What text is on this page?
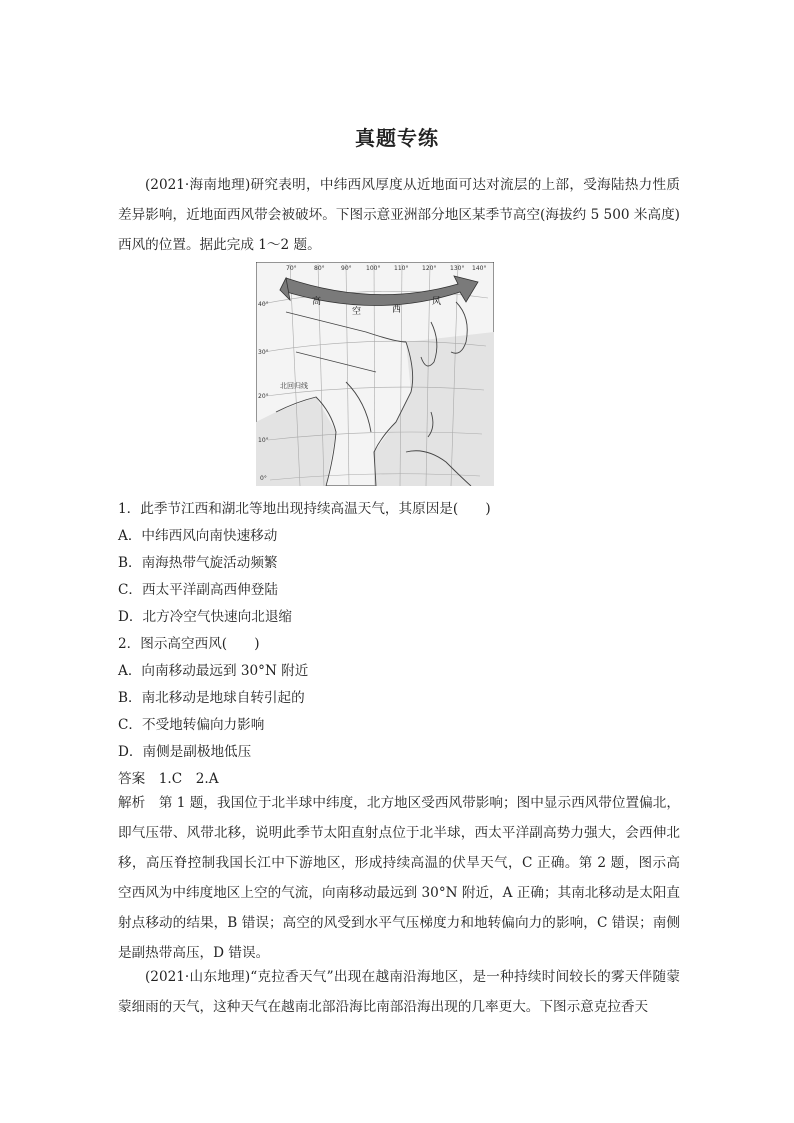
真题专练
(2021·海南地理)研究表明，中纬西风厚度从近地面可达对流层的上部，受海陆热力性质差异影响，近地面西风带会被破坏。下图示意亚洲部分地区某季节高空(海拔约 5 500 米高度)西风的位置。据此完成 1～2 题。
北回归线
高
空	西
风
70°	80°	90° 100° 110° 120° 130° 140°
40°
30°
20°
10°
0°
1．此季节江西和湖北等地出现持续高温天气，其原因是(　　)
A．中纬西风向南快速移动
B．南海热带气旋活动频繁
C．西太平洋副高西伸登陆
D．北方冷空气快速向北退缩
2．图示高空西风(　　)
A．向南移动最远到 30°N 附近
B．南北移动是地球自转引起的
C．不受地转偏向力影响
D．南侧是副极地低压
答案　1.C　2.A
解析　第 1 题，我国位于北半球中纬度，北方地区受西风带影响；图中显示西风带位置偏北，即气压带、风带北移，说明此季节太阳直射点位于北半球，西太平洋副高势力强大，会西伸北移，高压脊控制我国长江中下游地区，形成持续高温的伏旱天气，C 正确。第 2 题，图示高空西风为中纬度地区上空的气流，向南移动最远到 30°N 附近，A 正确；其南北移动是太阳直射点移动的结果，B 错误；高空的风受到水平气压梯度力和地转偏向力的影响，C 错误；南侧是副热带高压，D 错误。
(2021·山东地理)“克拉香天气”出现在越南沿海地区，是一种持续时间较长的雾天伴随蒙蒙细雨的天气，这种天气在越南北部沿海比南部沿海出现的几率更大。下图示意克拉香天
